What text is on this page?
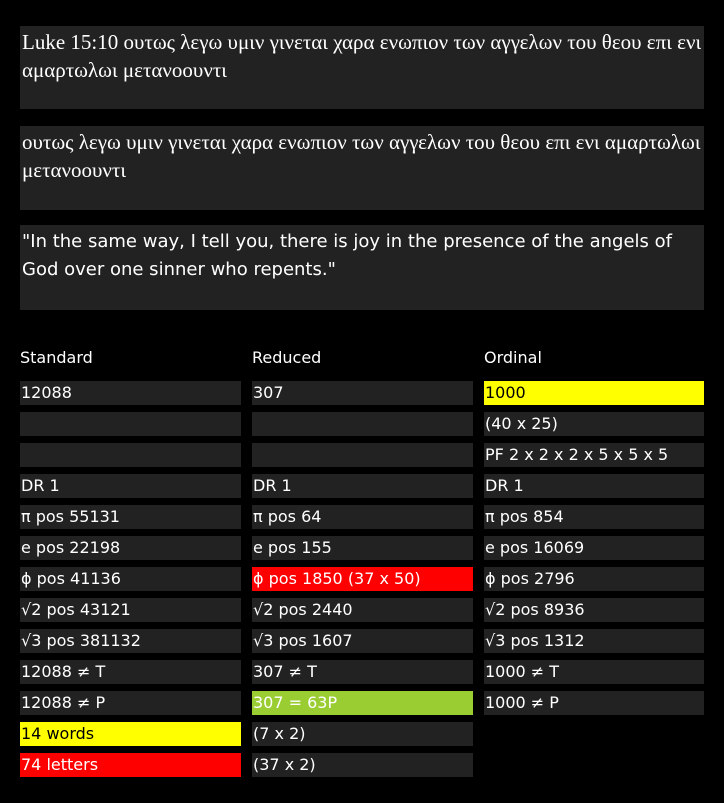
Luke 15:10 ουτως λεγω υμιν γινεται χαρα ενωπιον των αγγελων του θεου επι ενι αμαρτωλωι μετανοουντι
ουτως λεγω υμιν γινεται χαρα ενωπιον των αγγελων του θεου επι ενι αμαρτωλωι μετανοουντι
"In the same way, I tell you, there is joy in the presence of the angels of God over one sinner who repents."
Standard
12088
DR 1
π pos 55131
e pos 22198
ϕ pos 41136
√2 pos 43121
√3 pos 381132
12088 ≠ T
12088 ≠ P
14 words
74 letters
Reduced
307
DR 1
π pos 64
e pos 155
ϕ pos 1850 (37 x 50)
√2 pos 2440
√3 pos 1607
307 ≠ T
307 = 63P
(7 x 2)
(37 x 2)
Ordinal
1000
(40 x 25)
PF 2 x 2 x 2 x 5 x 5 x 5
DR 1
π pos 854
e pos 16069
ϕ pos 2796
√2 pos 8936
√3 pos 1312
1000 ≠ T
1000 ≠ P
